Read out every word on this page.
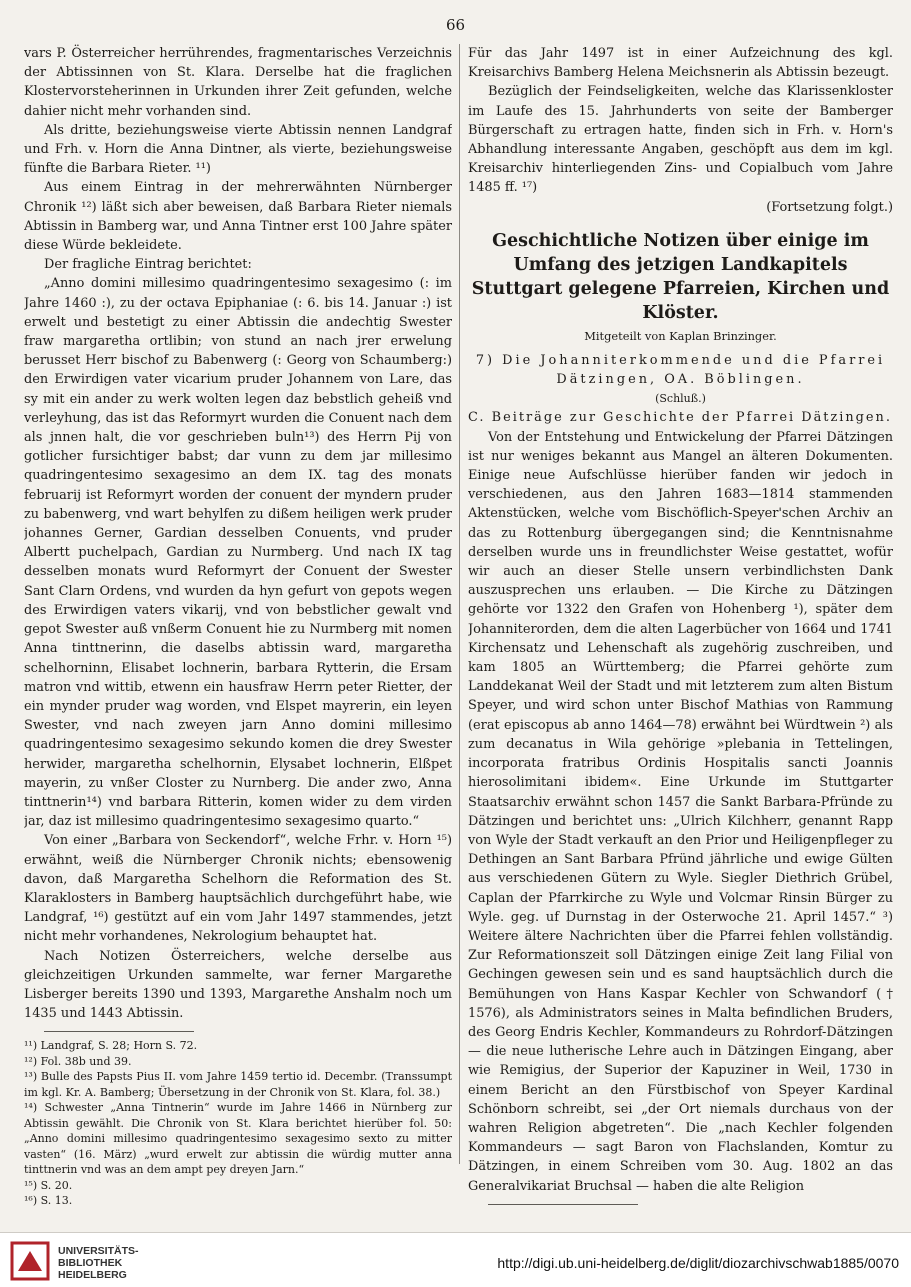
66

vars P. Österreicher herrührendes, fragmentarisches Verzeichnis der Abtissinnen von St. Klara. Derselbe hat die fraglichen Klostervorsteherinnen in Urkunden ihrer Zeit gefunden, welche dahier nicht mehr vorhanden sind.

Als dritte, beziehungsweise vierte Abtissin nennen Landgraf und Frh. v. Horn die Anna Dintner, als vierte, beziehungsweise fünfte die Barbara Rieter. ¹¹)

Aus einem Eintrag in der mehrerwähnten Nürnberger Chronik ¹²) läßt sich aber beweisen, daß Barbara Rieter niemals Abtissin in Bamberg war, und Anna Tintner erst 100 Jahre später diese Würde bekleidete.

Der fragliche Eintrag berichtet:

„Anno domini millesimo quadringentesimo sexagesimo (: im Jahre 1460 :), zu der octava Epiphaniae (: 6. bis 14. Januar :) ist erwelt und bestetigt zu einer Abtissin die andechtig Swester fraw margaretha ortlibin; von stund an nach jrer erwelung berusset Herr bischof zu Babenwerg (: Georg von Schaumberg:) den Erwirdigen vater vicarium pruder Johannem von Lare, das sy mit ein ander zu werk wolten legen daz bebstlich geheiß vnd verleyhung, das ist das Reformyrt wurden die Conuent nach dem als jnnen halt, die vor geschrieben buln¹³) des Herrn Pij von gotlicher fursichtiger babst; dar vunn zu dem jar millesimo quadringentesimo sexagesimo an dem IX. tag des monats februarij ist Reformyrt worden der conuent der myndern pruder zu babenwerg, vnd wart behylfen zu dißem heiligen werk pruder johannes Gerner, Gardian desselben Conuents, vnd pruder Albertt puchelpach, Gardian zu Nurmberg. Und nach IX tag desselben monats wurd Reformyrt der Conuent der Swester Sant Clarn Ordens, vnd wurden da hyn gefurt von gepots wegen des Erwirdigen vaters vikarij, vnd von bebstlicher gewalt vnd gepot Swester auß vnßerm Conuent hie zu Nurmberg mit nomen Anna tinttnerinn, die daselbs abtissin ward, margaretha schelhorninn, Elisabet lochnerin, barbara Rytterin, die Ersam matron vnd wittib, etwenn ein hausfraw Herrn peter Rietter, der ein mynder pruder wag worden, vnd Elspet mayrerin, ein leyen Swester, vnd nach zweyen jarn Anno domini millesimo quadringentesimo sexagesimo sekundo komen die drey Swester herwider, margaretha schelhornin, Elysabet lochnerin, Elßpet mayerin, zu vnßer Closter zu Nurnberg. Die ander zwo, Anna tinttnerin¹⁴) vnd barbara Ritterin, komen wider zu dem virden jar, daz ist millesimo quadringentesimo sexagesimo quarto.“

Von einer „Barbara von Seckendorf“, welche Frhr. v. Horn ¹⁵) erwähnt, weiß die Nürnberger Chronik nichts; ebensowenig davon, daß Margaretha Schelhorn die Reformation des St. Klaraklosters in Bamberg hauptsächlich durchgeführt habe, wie Landgraf, ¹⁶) gestützt auf ein vom Jahr 1497 stammendes, jetzt nicht mehr vorhandenes, Nekrologium behauptet hat.

Nach Notizen Österreichers, welche derselbe aus gleichzeitigen Urkunden sammelte, war ferner Margarethe Lisberger bereits 1390 und 1393, Margarethe Anshalm noch um 1435 und 1443 Abtissin.

¹¹) Landgraf, S. 28; Horn S. 72.

¹²) Fol. 38b und 39.

¹³) Bulle des Papsts Pius II. vom Jahre 1459 tertio id. Decembr. (Transsumpt im kgl. Kr. A. Bamberg; Übersetzung in der Chronik von St. Klara, fol. 38.)

¹⁴) Schwester „Anna Tintnerin“ wurde im Jahre 1466 in Nürnberg zur Abtissin gewählt. Die Chronik von St. Klara berichtet hierüber fol. 50: „Anno domini millesimo quadringentesimo sexagesimo sexto zu mitter vasten“ (16. März) „wurd erwelt zur abtissin die würdig mutter anna tinttnerin vnd was an dem ampt pey dreyen Jarn.“

¹⁵) S. 20.

¹⁶) S. 13.

Für das Jahr 1497 ist in einer Aufzeichnung des kgl. Kreisarchivs Bamberg Helena Meichsnerin als Abtissin bezeugt.

Bezüglich der Feindseligkeiten, welche das Klarissenkloster im Laufe des 15. Jahrhunderts von seite der Bamberger Bürgerschaft zu ertragen hatte, finden sich in Frh. v. Horn's Abhandlung interessante Angaben, geschöpft aus dem im kgl. Kreisarchiv hinterliegenden Zins- und Copialbuch vom Jahre 1485 ff. ¹⁷)

(Fortsetzung folgt.)

Geschichtliche Notizen über einige im Umfang des jetzigen Landkapitels Stuttgart gelegene Pfarreien, Kirchen und Klöster.
Mitgeteilt von Kaplan Brinzinger.
7) Die Johanniterkommende und die Pfarrei Dätzingen, OA. Böblingen.
(Schluß.)

C. Beiträge zur Geschichte der Pfarrei Dätzingen.

Von der Entstehung und Entwickelung der Pfarrei Dätzingen ist nur weniges bekannt aus Mangel an älteren Dokumenten. Einige neue Aufschlüsse hierüber fanden wir jedoch in verschiedenen, aus den Jahren 1683—1814 stammenden Aktenstücken, welche vom Bischöflich-Speyer'schen Archiv an das zu Rottenburg übergegangen sind; die Kenntnisnahme derselben wurde uns in freundlichster Weise gestattet, wofür wir auch an dieser Stelle unsern verbindlichsten Dank auszusprechen uns erlauben. — Die Kirche zu Dätzingen gehörte vor 1322 den Grafen von Hohenberg ¹), später dem Johanniterorden, dem die alten Lagerbücher von 1664 und 1741 Kirchensatz und Lehenschaft als zugehörig zuschreiben, und kam 1805 an Württemberg; die Pfarrei gehörte zum Landdekanat Weil der Stadt und mit letzterem zum alten Bistum Speyer, und wird schon unter Bischof Mathias von Rammung (erat episcopus ab anno 1464—78) erwähnt bei Würdtwein ²) als zum decanatus in Wila gehörige »plebania in Tettelingen, incorporata fratribus Ordinis Hospitalis sancti Joannis hierosolimitani ibidem«. Eine Urkunde im Stuttgarter Staatsarchiv erwähnt schon 1457 die Sankt Barbara-Pfründe zu Dätzingen und berichtet uns: „Ulrich Kilchherr, genannt Rapp von Wyle der Stadt verkauft an den Prior und Heiligenpfleger zu Dethingen an Sant Barbara Pfründ jährliche und ewige Gülten aus verschiedenen Gütern zu Wyle. Siegler Diethrich Grübel, Caplan der Pfarrkirche zu Wyle und Volcmar Rinsin Bürger zu Wyle. geg. uf Durnstag in der Osterwoche 21. April 1457.“ ³) Weitere ältere Nachrichten über die Pfarrei fehlen vollständig. Zur Reformationszeit soll Dätzingen einige Zeit lang Filial von Gechingen gewesen sein und es sand hauptsächlich durch die Bemühungen von Hans Kaspar Kechler von Schwandorf († 1576), als Administrators seines in Malta befindlichen Bruders, des Georg Endris Kechler, Kommandeurs zu Rohrdorf-Dätzingen — die neue lutherische Lehre auch in Dätzingen Eingang, aber wie Remigius, der Superior der Kapuziner in Weil, 1730 in einem Bericht an den Fürstbischof von Speyer Kardinal Schönborn schreibt, sei „der Ort niemals durchaus von der wahren Religion abgetreten“. Die „nach Kechler folgenden Kommandeurs — sagt Baron von Flachslanden, Komtur zu Dätzingen, in einem Schreiben vom 30. Aug. 1802 an das Generalvikariat Bruchsal — haben die alte Religion

UNIVERSITÄTS-
BIBLIOTHEK
HEIDELBERG
http://digi.ub.uni-heidelberg.de/diglit/diozarchivschwab1885/0070
